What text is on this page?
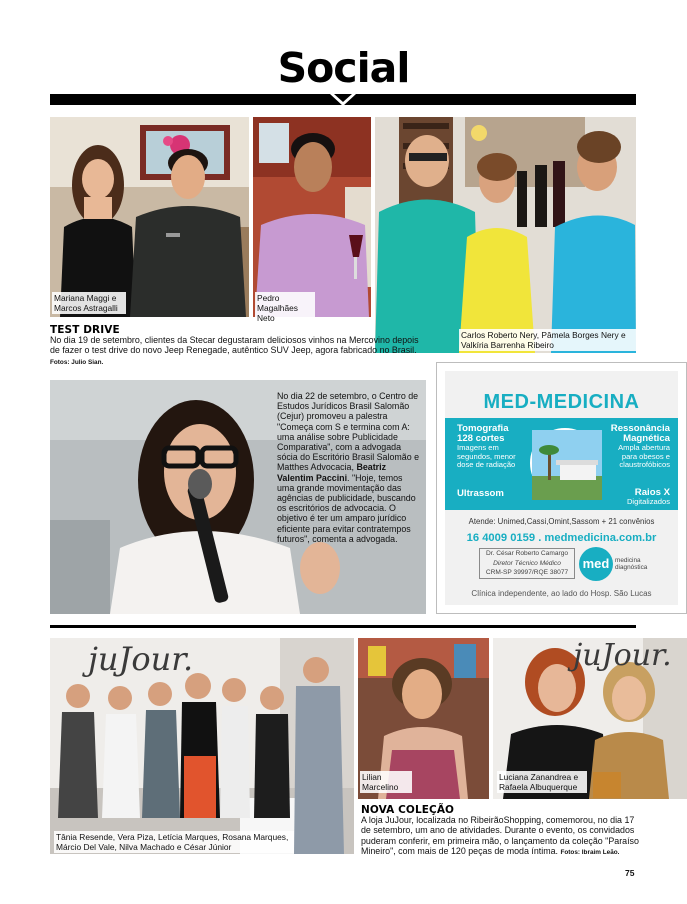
Social
Mariana Maggi e Marcos Astragalli
Pedro Magalhães Neto
Carlos Roberto Nery, Pâmela Borges Nery e Valkíria Barrenha Ribeiro
TEST DRIVE
No dia 19 de setembro, clientes da Stecar degustaram deliciosos vinhos na Mercovino depois de fazer o test drive do novo Jeep Renegade, autêntico SUV Jeep, agora fabricado no Brasil. Fotos: Julio Sian.
No dia 22 de setembro, o Centro de Estudos Jurídicos Brasil Salomão (Cejur) promoveu a palestra "Começa com S e termina com A: uma análise sobre Publicidade Comparativa", com a advogada sócia do Escritório Brasil Salomão e Matthes Advocacia, Beatriz Valentim Paccini. "Hoje, temos uma grande movimentação das agências de publicidade, buscando os escritórios de advocacia. O objetivo é ter um amparo jurídico eficiente para evitar contratempos futuros", comenta a advogada.
MED-MEDICINA
Tomografia
128 cortes
Imagens em
segundos, menor
dose de radiação
Ressonância
Magnética
Ampla abertura
para obesos e
claustrofóbicos
Ultrassom	Raios X
Digitalizados
Atende: Unimed,Cassi,Omint,Sassom + 21 convênios
16 4009 0159 . medmedicina.com.br
Dr. César Roberto Camargo
Diretor Técnico Médico
CRM-SP 39997/RQE 38077
med medicina
diagnóstica
Clínica independente, ao lado do Hosp. São Lucas
juJour.
Tânia Resende, Vera Piza, Letícia Marques, Rosana Marques, Márcio Del Vale, Nilva Machado e César Júnior
Lilian Marcelino
juJour.
Luciana Zanandrea e Rafaela Albuquerque
NOVA COLEÇÃO
A loja JuJour, localizada no RibeirãoShopping, comemorou, no dia 17 de setembro, um ano de atividades. Durante o evento, os convidados puderam conferir, em primeira mão, o lançamento da coleção "Paraíso Mineiro", com mais de 120 peças de moda íntima. Fotos: Ibraim Leão.
75
